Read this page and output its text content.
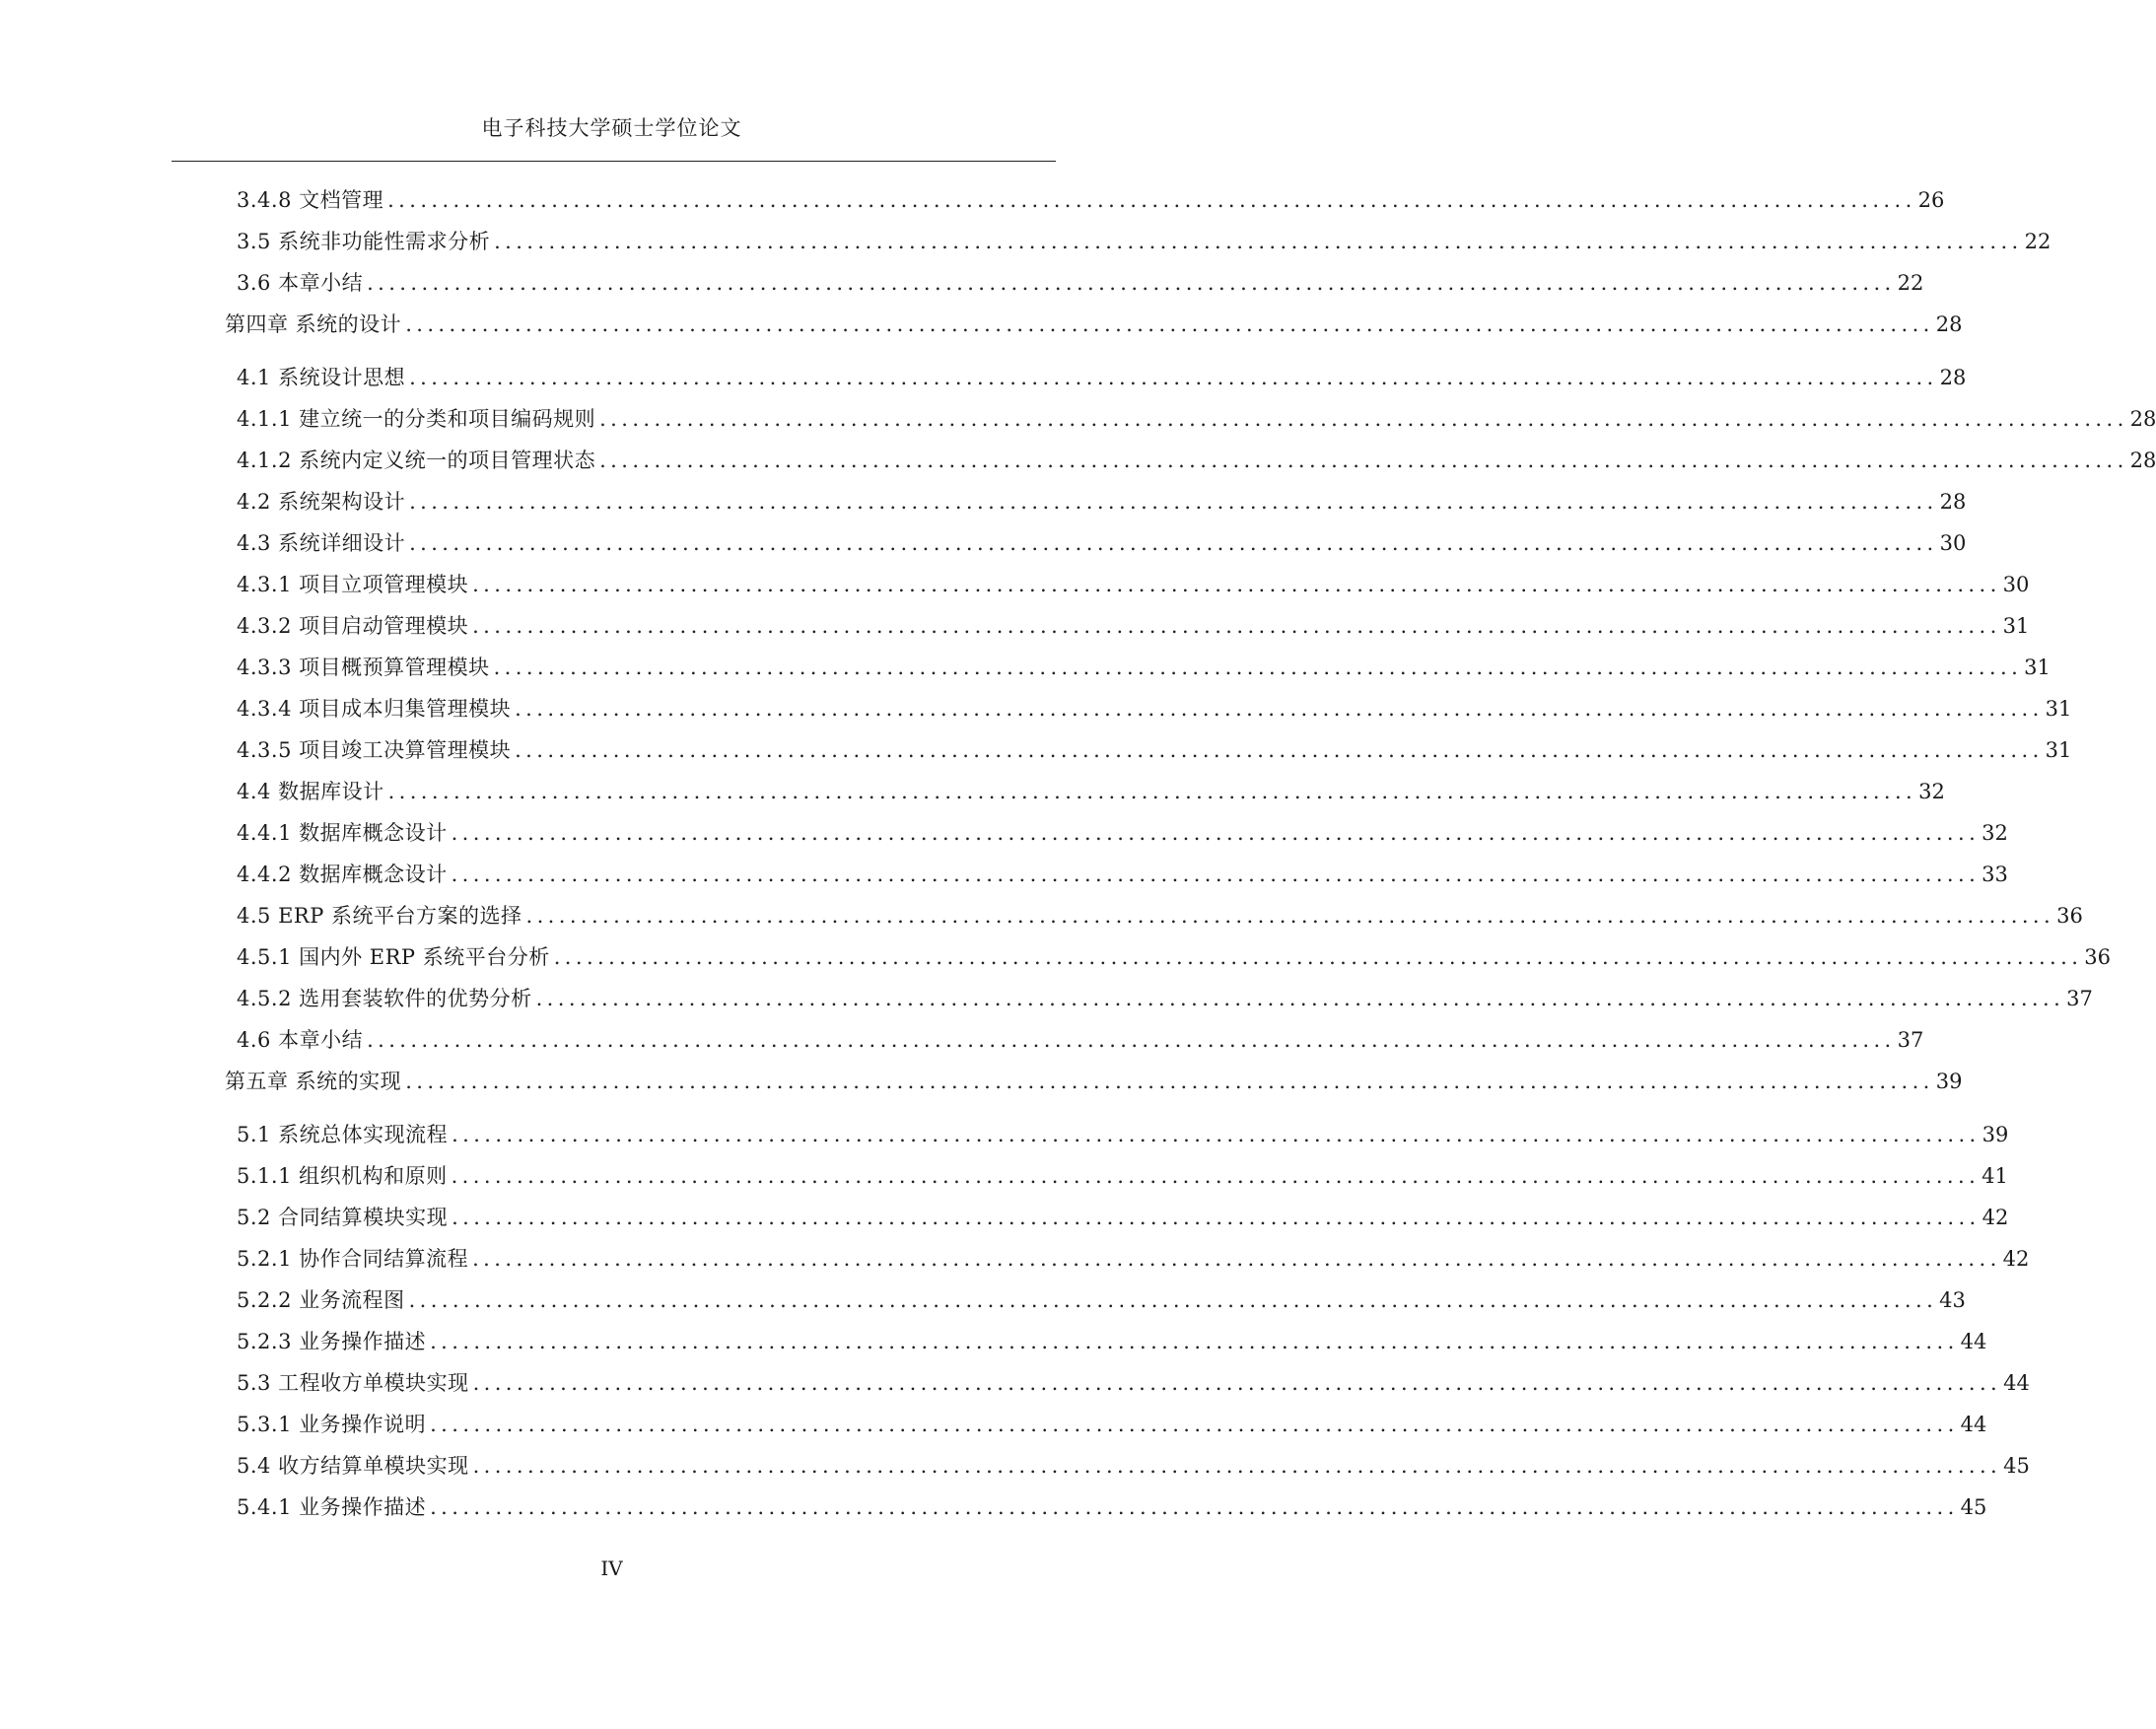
电子科技大学硕士学位论文
3.4.8 文档管理 ............................................................................................................................................ 26
3.5 系统非功能性需求分析 ............................................................................................................................................ 22
3.6 本章小结 ............................................................................................................................................ 22
第四章 系统的设计 ............................................................................................................................................ 28
4.1 系统设计思想 ............................................................................................................................................ 28
4.1.1 建立统一的分类和项目编码规则 ............................................................................................................................................ 28
4.1.2 系统内定义统一的项目管理状态 ............................................................................................................................................ 28
4.2 系统架构设计 ............................................................................................................................................ 28
4.3 系统详细设计 ............................................................................................................................................ 30
4.3.1 项目立项管理模块 ............................................................................................................................................ 30
4.3.2 项目启动管理模块 ............................................................................................................................................ 31
4.3.3 项目概预算管理模块 ............................................................................................................................................ 31
4.3.4 项目成本归集管理模块 ............................................................................................................................................ 31
4.3.5 项目竣工决算管理模块 ............................................................................................................................................ 31
4.4 数据库设计 ............................................................................................................................................ 32
4.4.1 数据库概念设计 ............................................................................................................................................ 32
4.4.2 数据库概念设计 ............................................................................................................................................ 33
4.5 ERP 系统平台方案的选择 ............................................................................................................................................ 36
4.5.1 国内外 ERP 系统平台分析 ............................................................................................................................................ 36
4.5.2 选用套装软件的优势分析 ............................................................................................................................................ 37
4.6 本章小结 ............................................................................................................................................ 37
第五章 系统的实现 ............................................................................................................................................ 39
5.1 系统总体实现流程 ............................................................................................................................................ 39
5.1.1 组织机构和原则 ............................................................................................................................................ 41
5.2 合同结算模块实现 ............................................................................................................................................ 42
5.2.1 协作合同结算流程 ............................................................................................................................................ 42
5.2.2 业务流程图 ............................................................................................................................................ 43
5.2.3 业务操作描述 ............................................................................................................................................ 44
5.3 工程收方单模块实现 ............................................................................................................................................ 44
5.3.1 业务操作说明 ............................................................................................................................................ 44
5.4 收方结算单模块实现 ............................................................................................................................................ 45
5.4.1 业务操作描述 ............................................................................................................................................ 45
IV
